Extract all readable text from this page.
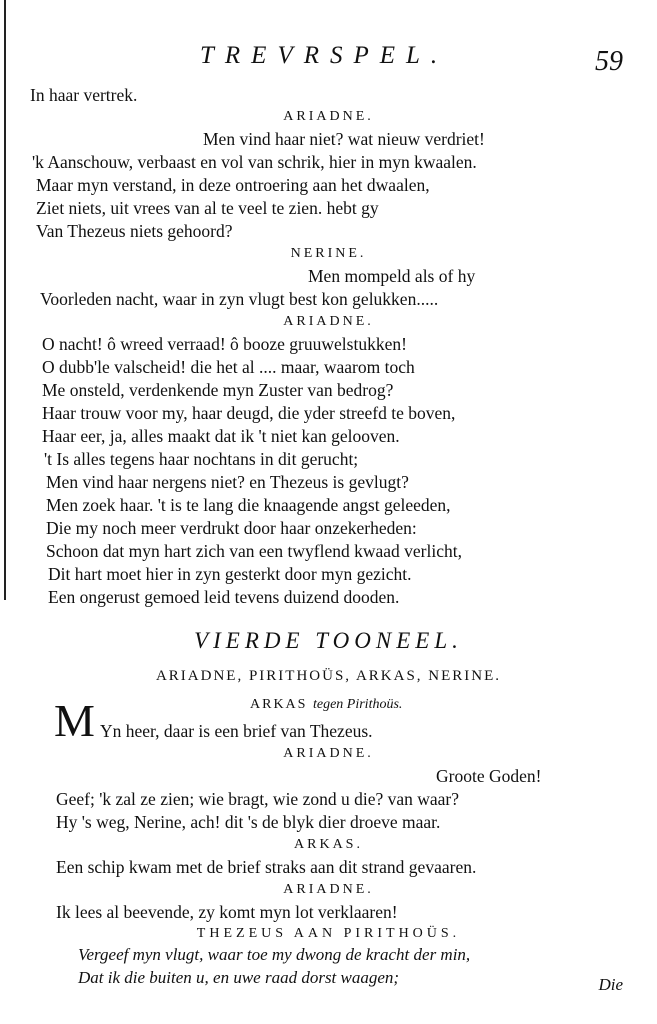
TREVRSPEL.	59
In haar vertrek.
ARIADNE.
Men vind haar niet? wat nieuw verdriet!
'k Aanschouw, verbaast en vol van schrik, hier in myn kwaalen.
Maar myn verstand, in deze ontroering aan het dwaalen,
Ziet niets, uit vrees van al te veel te zien. hebt gy
Van Thezeus niets gehoord?
NERINE.
Men mompeld als of hy
Voorleden nacht, waar in zyn vlugt best kon gelukken.....
ARIADNE.
O nacht! ô wreed verraad! ô booze gruuwelstukken!
O dubb'le valscheid! die het al .... maar, waarom toch
Me onsteld, verdenkende myn Zuster van bedrog?
Haar trouw voor my, haar deugd, die yder streefd te boven,
Haar eer, ja, alles maakt dat ik 't niet kan gelooven.
't Is alles tegens haar nochtans in dit gerucht;
Men vind haar nergens niet? en Thezeus is gevlugt?
Men zoek haar. 't is te lang die knaagende angst geleeden,
Die my noch meer verdrukt door haar onzekerheden:
Schoon dat myn hart zich van een twyflend kwaad verlicht,
Dit hart moet hier in zyn gesterkt door myn gezicht.
Een ongerust gemoed leid tevens duizend dooden.
VIERDE TOONEEL.
ARIADNE, PIRITHOÜS, ARKAS, NERINE.
M	ARKAS tegen Pirithoüs.
Yn heer, daar is een brief van Thezeus.
ARIADNE.
Groote Goden!
Geef; 'k zal ze zien; wie bragt, wie zond u die? van waar?
Hy 's weg, Nerine, ach! dit 's de blyk dier droeve maar.
ARKAS.
Een schip kwam met de brief straks aan dit strand gevaaren.
ARIADNE.
Ik lees al beevende, zy komt myn lot verklaaren!
THEZEUS AAN PIRITHOÜS.
Vergeef myn vlugt, waar toe my dwong de kracht der min,
Dat ik die buiten u, en uwe raad dorst waagen;	Die
